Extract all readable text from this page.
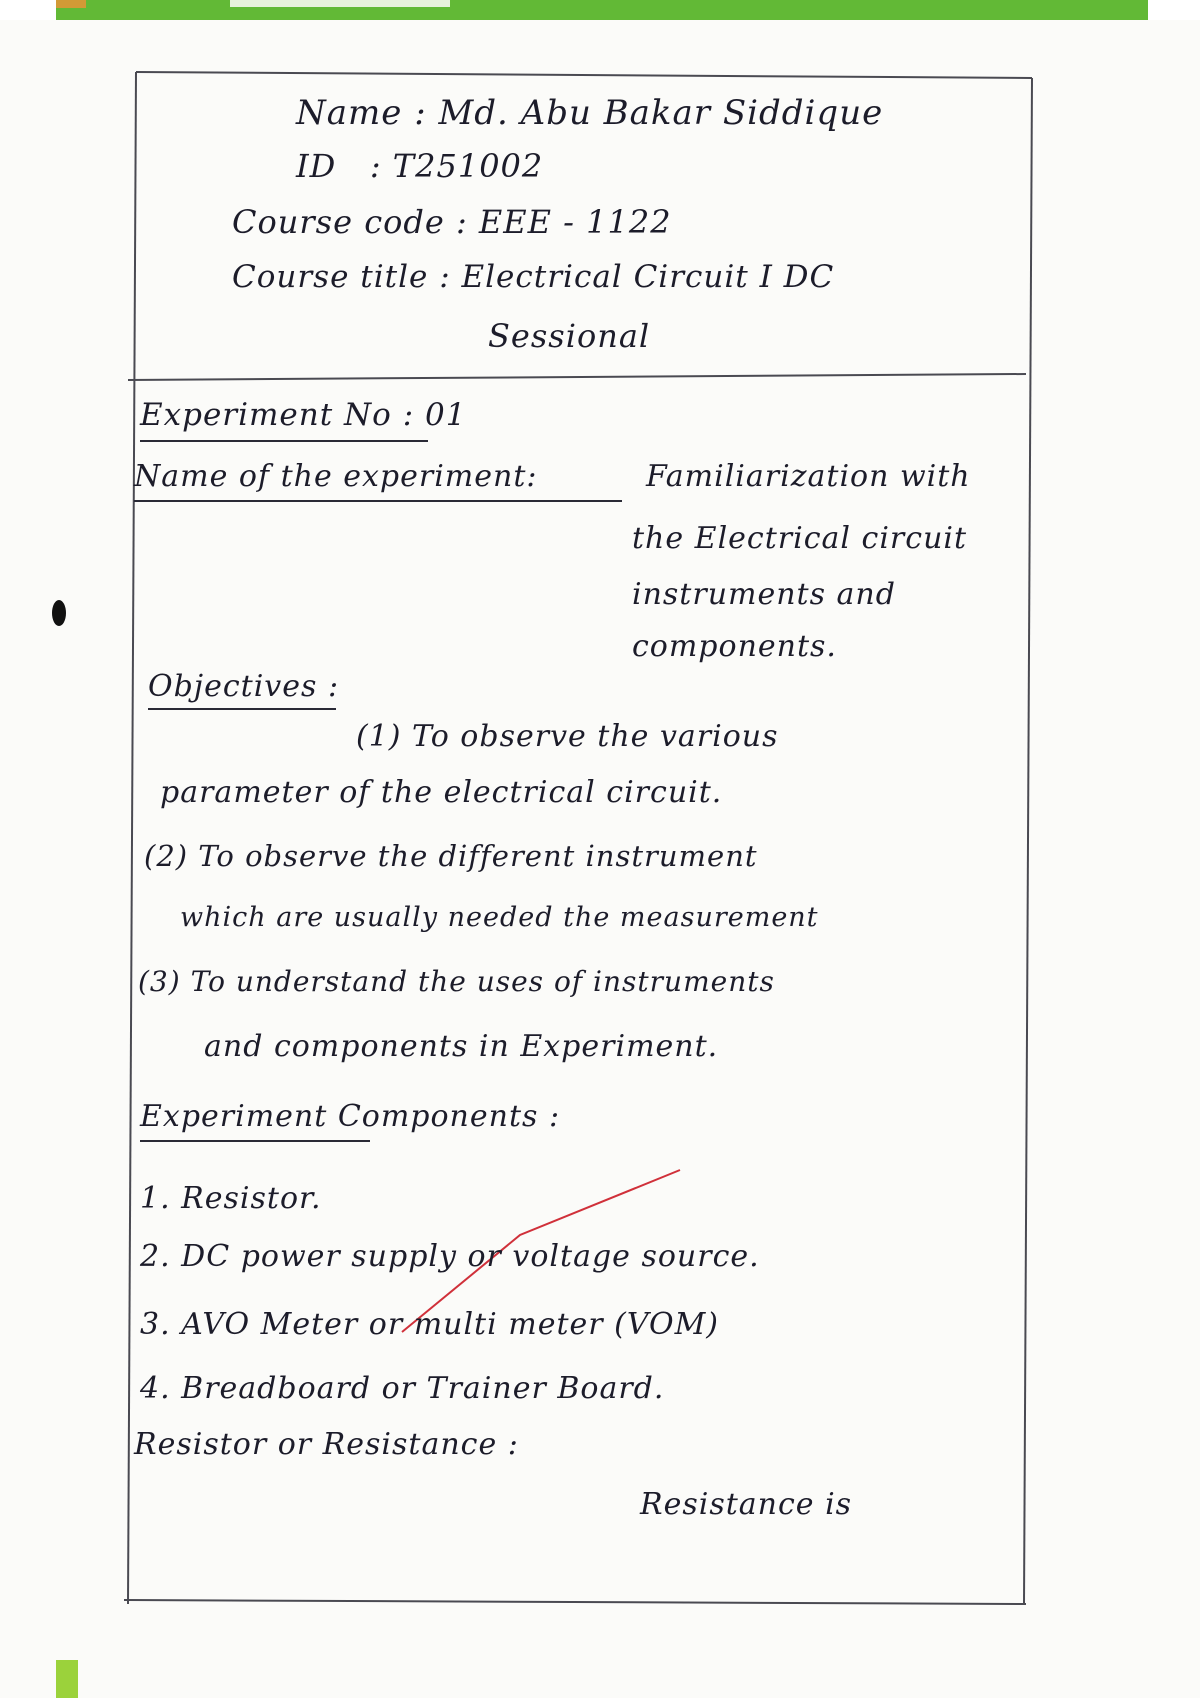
Name : Md. Abu Bakar Siddique
ID   : T251002
Course code : EEE - 1122
Course title : Electrical Circuit I DC
Sessional
Experiment No : 01
Name of the experiment:	Familiarization with
the Electrical circuit
instruments and
components.
Objectives :
(1) To observe the various
parameter of the electrical circuit.
(2) To observe the different instrument
which are usually needed the measurement
(3) To understand the uses of instruments
and components in Experiment.
Experiment Components :
1. Resistor.
2. DC power supply or voltage source.
3. AVO Meter or multi meter (VOM)
4. Breadboard or Trainer Board.
Resistor or Resistance :
Resistance is
